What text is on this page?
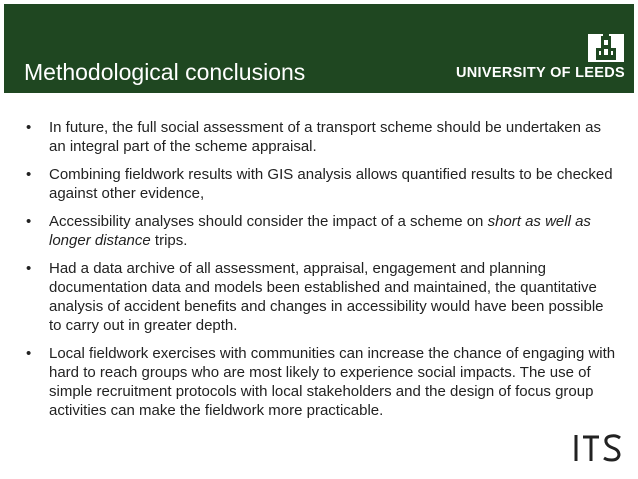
Methodological conclusions	UNIVERSITY OF LEEDS
• In future, the full social assessment of a transport scheme should be undertaken as an integral part of the scheme appraisal.
• Combining fieldwork results with GIS analysis allows quantified results to be checked against other evidence,
• Accessibility analyses should consider the impact of a scheme on short as well as longer distance trips.
• Had a data archive of all assessment, appraisal, engagement and planning documentation data and models been established and maintained, the quantitative analysis of accident benefits and changes in accessibility would have been possible to carry out in greater depth.
• Local fieldwork exercises with communities can increase the chance of engaging with hard to reach groups who are most likely to experience social impacts. The use of simple recruitment protocols with local stakeholders and the design of focus group activities can make the fieldwork more practicable.
